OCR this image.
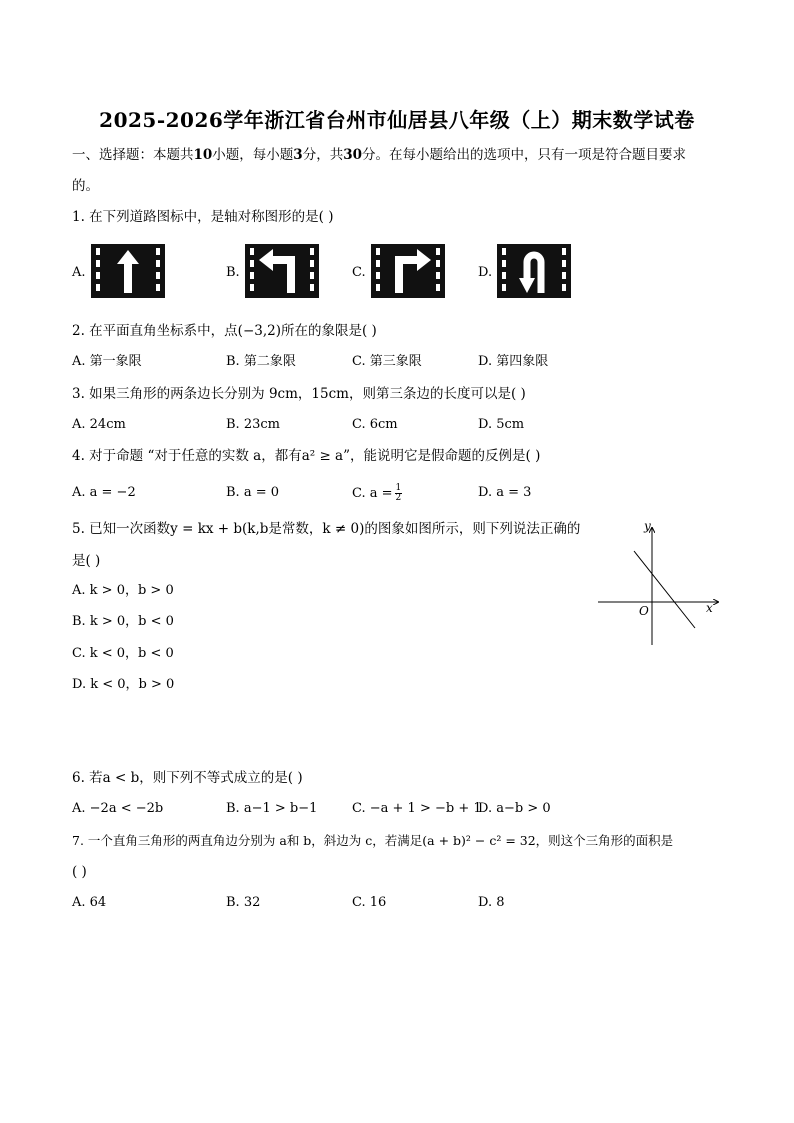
2025-2026学年浙江省台州市仙居县八年级（上）期末数学试卷
一、选择题：本题共10小题，每小题3分，共30分。在每小题给出的选项中，只有一项是符合题目要求
的。
1. 在下列道路图标中，是轴对称图形的是( )
A.	B.	C.	D.
2. 在平面直角坐标系中，点(−3,2)所在的象限是( )
A. 第一象限	B. 第二象限	C. 第三象限	D. 第四象限
3. 如果三角形的两条边长分别为 9cm，15cm，则第三条边的长度可以是( )
A. 24cm	B. 23cm	C. 6cm	D. 5cm
4. 对于命题 “对于任意的实数 a，都有a² ≥ a”，能说明它是假命题的反例是( )
A. a = −2	B. a = 0	C. $a = \frac{1}{2}$	D. a = 3
5. 已知一次函数y = kx + b(k,b是常数，k ≠ 0)的图象如图所示，则下列说法正确的
是( )
A. k > 0，b > 0
B. k > 0，b < 0
C. k < 0，b < 0
D. k < 0，b > 0
y
x
O
6. 若a < b，则下列不等式成立的是( )
A. −2a < −2b	B. a−1 > b−1	C. −a + 1 > −b + 1
D. a−b > 0
7. 一个直角三角形的两直角边分别为 a和 b，斜边为 c，若满足(a + b)² − c² = 32，则这个三角形的面积是
( )
A. 64	B. 32	C. 16	D. 8
